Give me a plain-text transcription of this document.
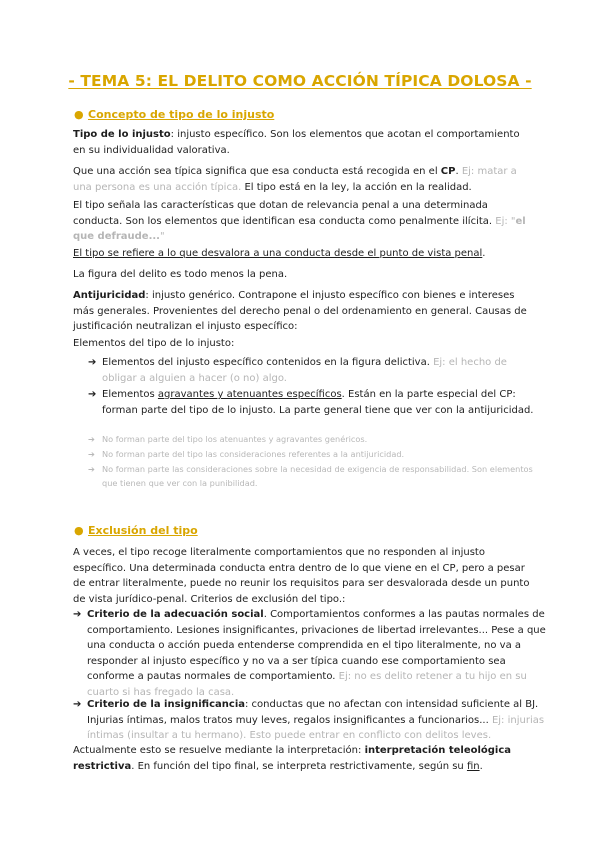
- TEMA 5: EL DELITO COMO ACCIÓN TÍPICA DOLOSA -
● Concepto de tipo de lo injusto
Tipo de lo injusto: injusto específico. Son los elementos que acotan el comportamiento en su individualidad valorativa.
Que una acción sea típica significa que esa conducta está recogida en el CP. Ej: matar a una persona es una acción típica. El tipo está en la ley, la acción en la realidad.
El tipo señala las características que dotan de relevancia penal a una determinada conducta. Son los elementos que identifican esa conducta como penalmente ilícita. Ej: "el que defraude..."
El tipo se refiere a lo que desvalora a una conducta desde el punto de vista penal.
La figura del delito es todo menos la pena.
Antijuricidad: injusto genérico. Contrapone el injusto específico con bienes e intereses más generales. Provenientes del derecho penal o del ordenamiento en general. Causas de justificación neutralizan el injusto específico:
Elementos del tipo de lo injusto:
➔ Elementos del injusto específico contenidos en la figura delictiva. Ej: el hecho de obligar a alguien a hacer (o no) algo.
➔ Elementos agravantes y atenuantes específicos. Están en la parte especial del CP: forman parte del tipo de lo injusto. La parte general tiene que ver con la antijuricidad.
➔ No forman parte del tipo los atenuantes y agravantes genéricos.
➔ No forman parte del tipo las consideraciones referentes a la antijuricidad.
➔ No forman parte las consideraciones sobre la necesidad de exigencia de responsabilidad. Son elementos que tienen que ver con la punibilidad.
● Exclusión del tipo
A veces, el tipo recoge literalmente comportamientos que no responden al injusto específico. Una determinada conducta entra dentro de lo que viene en el CP, pero a pesar de entrar literalmente, puede no reunir los requisitos para ser desvalorada desde un punto de vista jurídico-penal. Criterios de exclusión del tipo.:
➔ Criterio de la adecuación social. Comportamientos conformes a las pautas normales de comportamiento. Lesiones insignificantes, privaciones de libertad irrelevantes... Pese a que una conducta o acción pueda entenderse comprendida en el tipo literalmente, no va a responder al injusto específico y no va a ser típica cuando ese comportamiento sea conforme a pautas normales de comportamiento. Ej: no es delito retener a tu hijo en su cuarto si has fregado la casa.
➔ Criterio de la insignificancia: conductas que no afectan con intensidad suficiente al BJ. Injurias íntimas, malos tratos muy leves, regalos insignificantes a funcionarios... Ej: injurias íntimas (insultar a tu hermano). Esto puede entrar en conflicto con delitos leves.
Actualmente esto se resuelve mediante la interpretación: interpretación teleológica restrictiva. En función del tipo final, se interpreta restrictivamente, según su fin.
